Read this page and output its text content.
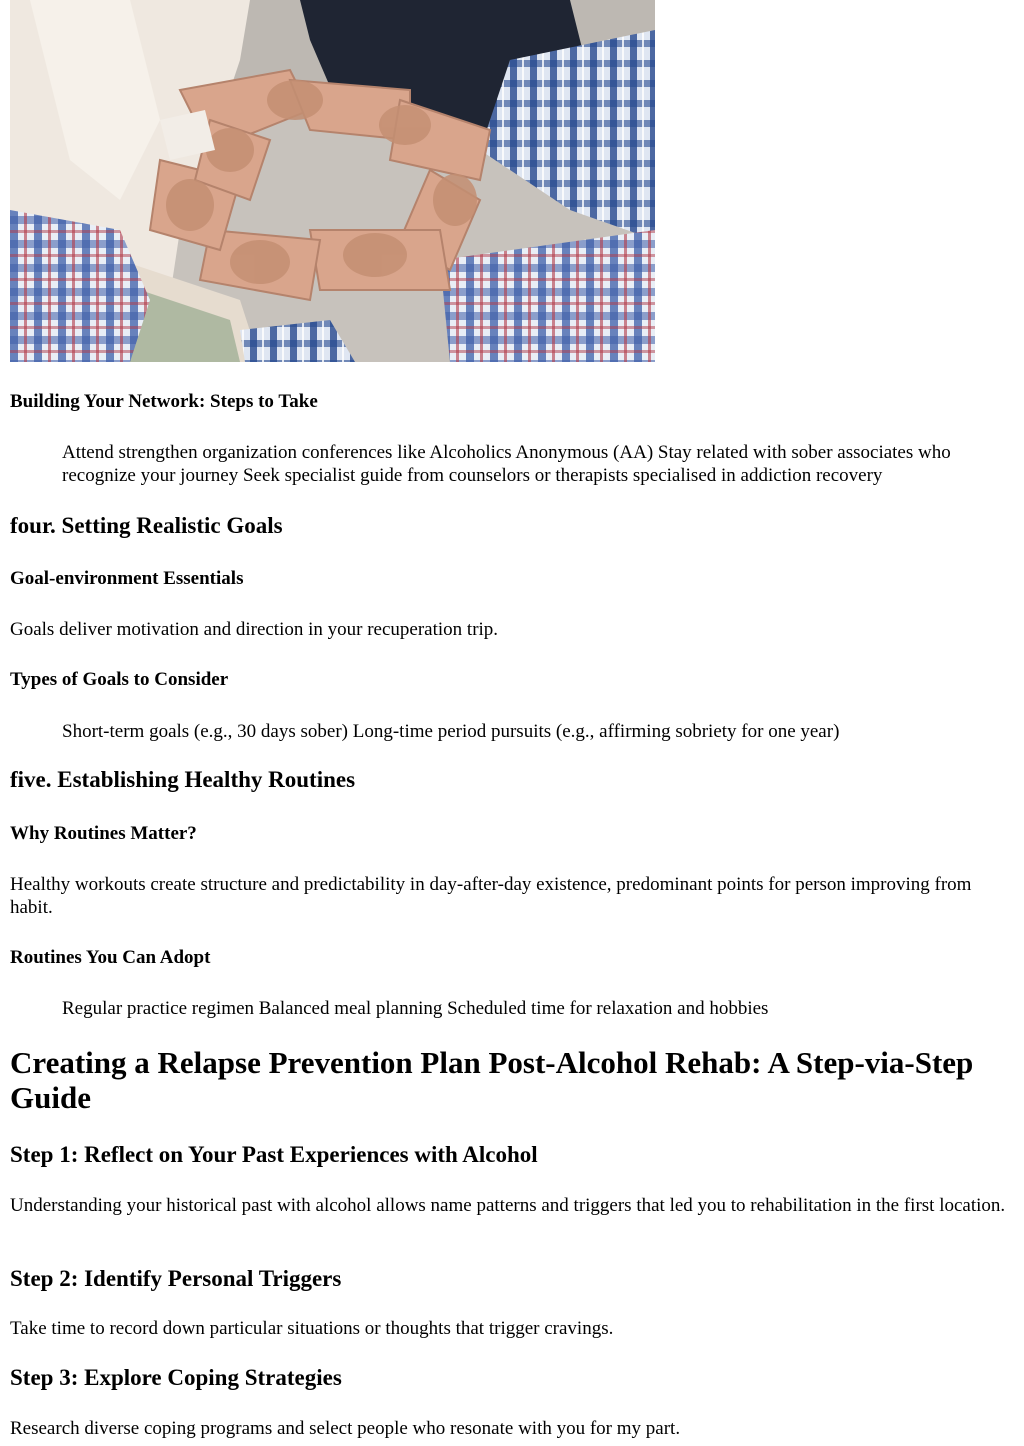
Building Your Network: Steps to Take

Attend strengthen organization conferences like Alcoholics Anonymous (AA) Stay related with sober associates who recognize your journey Seek specialist guide from counselors or therapists specialised in addiction recovery

four. Setting Realistic Goals
Goal-environment Essentials

Goals deliver motivation and direction in your recuperation trip.

Types of Goals to Consider

Short-term goals (e.g., 30 days sober) Long-time period pursuits (e.g., affirming sobriety for one year)

five. Establishing Healthy Routines
Why Routines Matter?

Healthy workouts create structure and predictability in day-after-day existence, predominant points for person improving from habit.

Routines You Can Adopt

Regular practice regimen Balanced meal planning Scheduled time for relaxation and hobbies

Creating a Relapse Prevention Plan Post-Alcohol Rehab: A Step-via-Step Guide
Step 1: Reflect on Your Past Experiences with Alcohol

Understanding your historical past with alcohol allows name patterns and triggers that led you to rehabilitation in the first location.

Step 2: Identify Personal Triggers

Take time to record down particular situations or thoughts that trigger cravings.

Step 3: Explore Coping Strategies

Research diverse coping programs and select people who resonate with you for my part.
